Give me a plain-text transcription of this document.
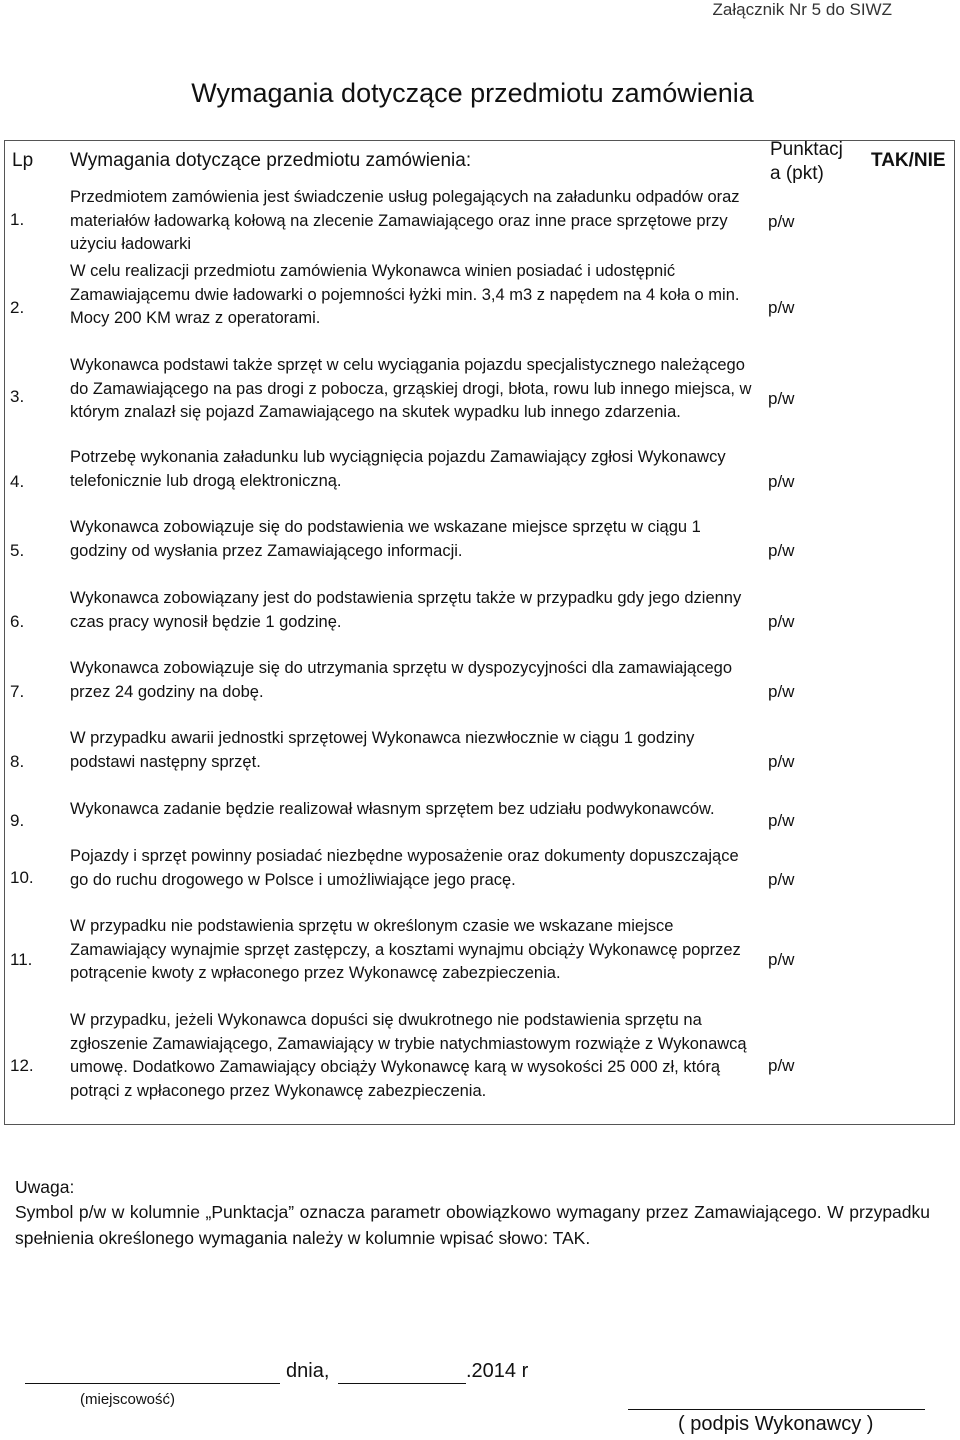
Załącznik Nr 5 do SIWZ
Wymagania dotyczące przedmiotu zamówienia
Lp Wymagania dotyczące przedmiotu zamówienia:
Punktacj
a (pkt)
TAK/NIE
1.
Przedmiotem zamówienia jest świadczenie usług polegających na załadunku odpadów oraz materiałów ładowarką kołową na zlecenie Zamawiającego oraz inne prace sprzętowe przy użyciu ładowarki
p/w
2.
W celu realizacji przedmiotu zamówienia Wykonawca winien posiadać i udostępnić Zamawiającemu dwie ładowarki o pojemności łyżki min. 3,4 m3 z napędem na 4 koła o min. Mocy 200 KM wraz z operatorami.
p/w
3.
Wykonawca podstawi także sprzęt w celu wyciągania pojazdu specjalistycznego należącego do Zamawiającego na pas drogi z pobocza, grząskiej drogi, błota, rowu lub innego miejsca, w którym znalazł się pojazd Zamawiającego na skutek wypadku lub innego zdarzenia.
p/w
4.
Potrzebę wykonania załadunku lub wyciągnięcia pojazdu Zamawiający zgłosi Wykonawcy telefonicznie lub drogą elektroniczną.	p/w
5.
Wykonawca zobowiązuje się do podstawienia we wskazane miejsce sprzętu w ciągu 1 godziny od wysłania przez Zamawiającego informacji.	p/w
6.
Wykonawca zobowiązany jest do podstawienia sprzętu także w przypadku gdy jego dzienny czas pracy wynosił będzie 1 godzinę.	p/w
7.
Wykonawca zobowiązuje się do utrzymania sprzętu w dyspozycyjności dla zamawiającego przez 24 godziny na dobę.	p/w
8.
W przypadku awarii jednostki sprzętowej Wykonawca niezwłocznie w ciągu 1 godziny podstawi następny sprzęt.	p/w
9.
Wykonawca zadanie będzie realizował własnym sprzętem bez udziału podwykonawców.
p/w
10.
Pojazdy i sprzęt powinny posiadać niezbędne wyposażenie oraz dokumenty dopuszczające go do ruchu drogowego w Polsce i umożliwiające jego pracę.	p/w
11.
W przypadku nie podstawienia sprzętu w określonym czasie we wskazane miejsce Zamawiający wynajmie sprzęt zastępczy, a kosztami wynajmu obciąży Wykonawcę poprzez potrącenie kwoty z wpłaconego przez Wykonawcę zabezpieczenia.
p/w
12.
W przypadku, jeżeli Wykonawca dopuści się dwukrotnego nie podstawienia sprzętu na zgłoszenie Zamawiającego, Zamawiający w trybie natychmiastowym rozwiąże z Wykonawcą umowę. Dodatkowo Zamawiający obciąży Wykonawcę karą w wysokości 25 000 zł, którą potrąci z wpłaconego przez Wykonawcę zabezpieczenia.
p/w
Uwaga:
Symbol p/w w kolumnie „Punktacja” oznacza parametr obowiązkowo wymagany przez Zamawiającego. W przypadku spełnienia określonego wymagania należy w kolumnie wpisać słowo: TAK.
dnia,	.2014 r
(miejscowość)
( podpis Wykonawcy )
